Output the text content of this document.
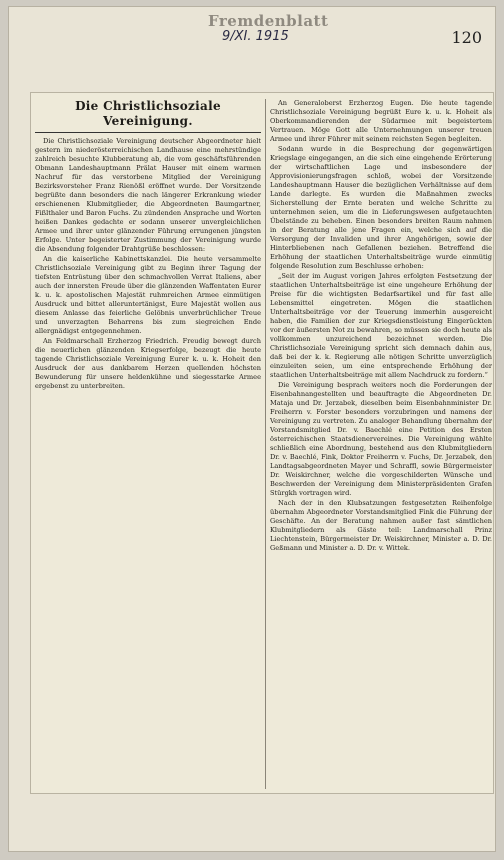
Fremdenblatt
9/XI. 1915	120
Die Christlichsoziale Vereinigung.

Die Christlichsoziale Vereinigung deutscher Abgeordneter hielt gestern im niederösterreichischen Landhause eine mehrstündige zahlreich besuchte Klubberatung ab, die vom geschäftsführenden Obmann Landeshauptmann Prälat Hauser mit einem warmen Nachruf für das verstorbene Mitglied der Vereinigung Bezirksvorsteher Franz Rienößl eröffnet wurde. Der Vorsitzende begrüßte dann besonders die nach längerer Erkrankung wieder erschienenen Klubmitglieder, die Abgeordneten Baumgartner, Fißlthaler und Baron Fuchs. Zu zündenden Ansprache und Worten heißen Dankes gedachte er sodann unserer unvergleichlichen Armee und ihrer unter glänzender Führung errungenen jüngsten Erfolge. Unter begeisterter Zustimmung der Vereinigung wurde die Absendung folgender Drahtgrüße beschlossen:

An die kaiserliche Kabinettskanzlei. Die heute versammelte Christlichsoziale Vereinigung gibt zu Beginn ihrer Tagung der tiefsten Entrüstung über den schmachvollen Verrat Italiens, aber auch der innersten Freude über die glänzenden Waffentaten Eurer k. u. k. apostolischen Majestät ruhmreichen Armee einmütigen Ausdruck und bittet alleruntertänigst, Eure Majestät wollen aus diesem Anlasse das feierliche Gelöbnis unverbrüchlicher Treue und unverzagten Beharrens bis zum siegreichen Ende allergnädigst entgegennehmen.

An Feldmarschall Erzherzog Friedrich. Freudig bewegt durch die neuerlichen glänzenden Kriegserfolge, bezeugt die heute tagende Christlichsoziale Vereinigung Eurer k. u. k. Hoheit den Ausdruck der aus dankbarem Herzen quellenden höchsten Bewunderung für unsere heldenkühne und siegesstarke Armee ergebenst zu unterbreiten.

An Generaloberst Erzherzog Eugen. Die heute tagende Christlichsoziale Vereinigung begrüßt Eure k. u. k. Hoheit als Oberkommandierenden der Südarmee mit begeistertem Vertrauen. Möge Gott alle Unternehmungen unserer treuen Armee und ihrer Führer mit seinem reichsten Segen begleiten.

Sodann wurde in die Besprechung der gegenwärtigen Kriegslage eingegangen, an die sich eine eingehende Erörterung der wirtschaftlichen Lage und insbesondere der Approvisionierungsfragen schloß, wobei der Vorsitzende Landeshauptmann Hauser die bezüglichen Verhältnisse auf dem Lande darlegte. Es wurden die Maßnahmen zwecks Sicherstellung der Ernte beraten und welche Schritte zu unternehmen seien, um die in Lieferungswesen aufgetauchten Übelstände zu beheben. Einen besonders breiten Raum nahmen in der Beratung alle jene Fragen ein, welche sich auf die Versorgung der Invaliden und ihrer Angehörigen, sowie der Hinterbliebenen nach Gefallenen beziehen. Betreffend die Erhöhung der staatlichen Unterhaltsbeiträge wurde einmütig folgende Resolution zum Beschlusse erhoben:

„Seit der im August vorigen Jahres erfolgten Festsetzung der staatlichen Unterhaltsbeiträge ist eine ungeheure Erhöhung der Preise für die wichtigsten Bedarfsartikel und für fast alle Lebensmittel eingetreten. Mögen die staatlichen Unterhaltsbeiträge vor der Teuerung immerhin ausgereicht haben, die Familien der zur Kriegsdienstleistung Eingerückten vor der äußersten Not zu bewahren, so müssen sie doch heute als vollkommen unzureichend bezeichnet werden. Die Christlichsoziale Vereinigung spricht sich demnach dahin aus, daß bei der k. k. Regierung alle nötigen Schritte unverzüglich einzuleiten seien, um eine entsprechende Erhöhung der staatlichen Unterhaltsbeiträge mit allem Nachdruck zu fordern.“

Die Vereinigung besprach weiters noch die Forderungen der Eisenbahnangestellten und beauftragte die Abgeordneten Dr. Mataja und Dr. Jerzabek, dieselben beim Eisenbahnminister Dr. Freiherrn v. Forster besonders vorzubringen und namens der Vereinigung zu vertreten. Zu analoger Behandlung übernahm der Vorstandsmitglied Dr. v. Baechlé eine Petition des Ersten österreichischen Staatsdienervereines. Die Vereinigung wählte schließlich eine Abordnung, bestehend aus den Klubmitgliedern Dr. v. Baechlé, Fink, Doktor Freiherrn v. Fuchs, Dr. Jerzabek, den Landtagsabgeordneten Mayer und Schraffl, sowie Bürgermeister Dr. Weiskirchner, welche die vorgeschilderten Wünsche und Beschwerden der Vereinigung dem Ministerpräsidenten Grafen Stürgkh vortragen wird.

Nach der in den Klubsatzungen festgesetzten Reihenfolge übernahm Abgeordneter Vorstandsmitglied Fink die Führung der Geschäfte. An der Beratung nahmen außer fast sämtlichen Klubmitgliedern als Gäste teil: Landmarschall Prinz Liechtenstein, Bürgermeister Dr. Weiskirchner, Minister a. D. Dr. Geßmann und Minister a. D. Dr. v. Wittek.
